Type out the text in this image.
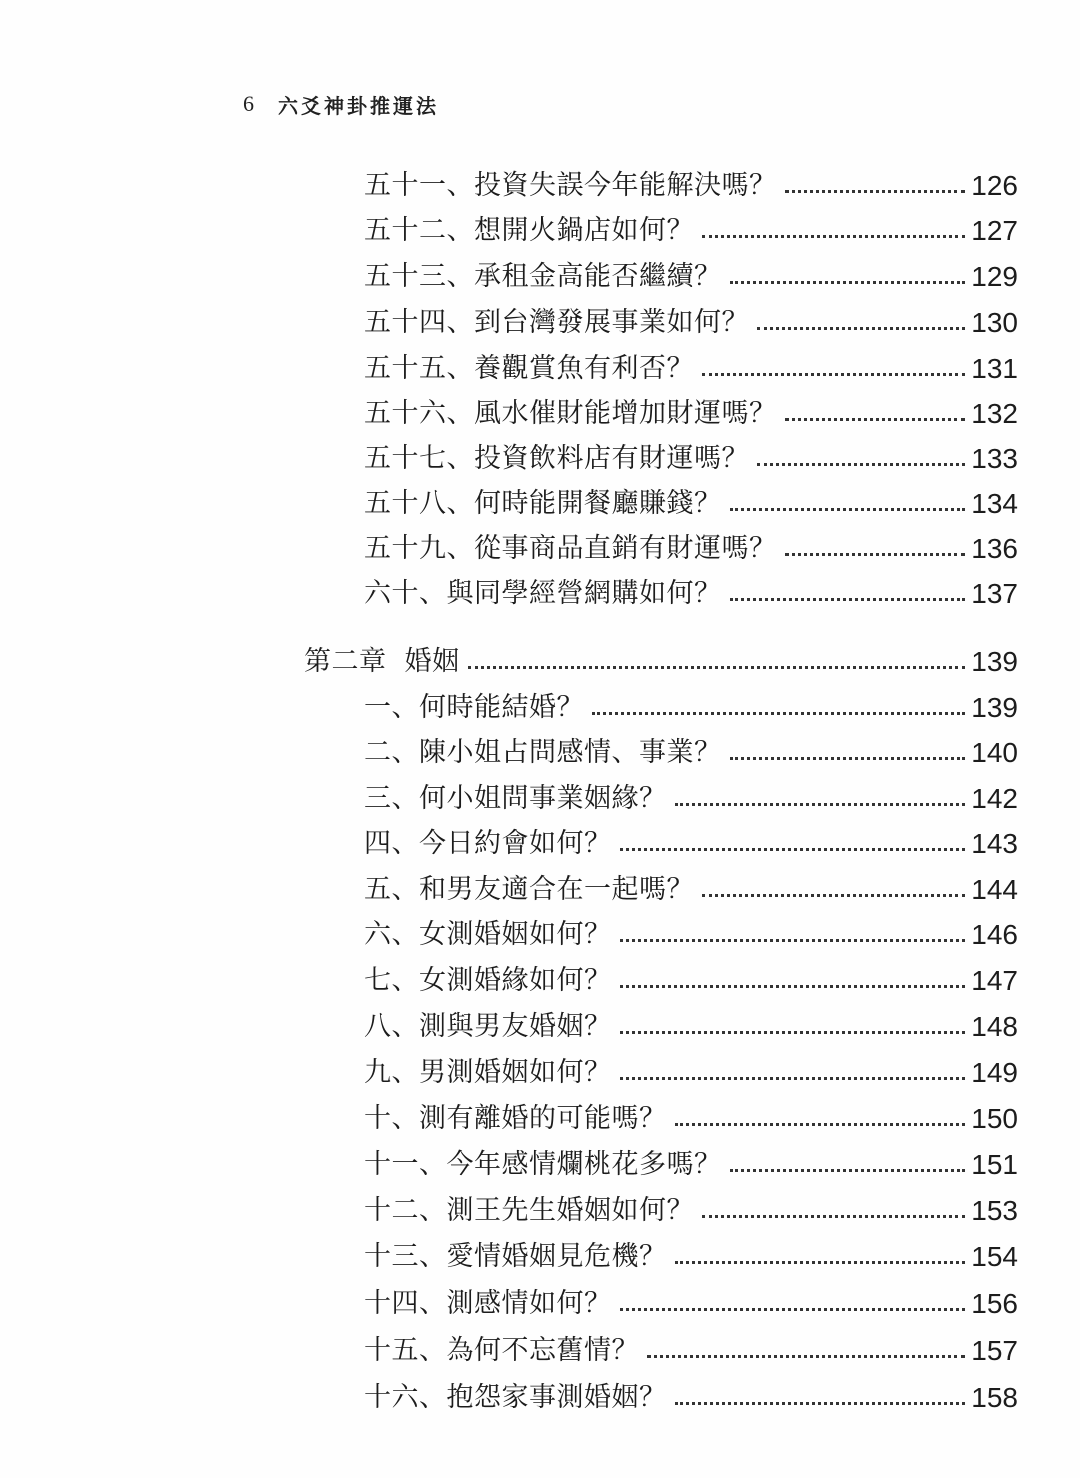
6 六爻神卦推運法
五十一、投資失誤今年能解決嗎？	126
五十二、想開火鍋店如何？	127
五十三、承租金高能否繼續？	129
五十四、到台灣發展事業如何？	130
五十五、養觀賞魚有利否？	131
五十六、風水催財能增加財運嗎？	132
五十七、投資飲料店有財運嗎？	133
五十八、何時能開餐廳賺錢？	134
五十九、從事商品直銷有財運嗎？	136
六十、與同學經營網購如何？	137
第二章  婚姻	139
一、何時能結婚？	139
二、陳小姐占問感情、事業？	140
三、何小姐問事業姻緣？	142
四、今日約會如何？	143
五、和男友適合在一起嗎？	144
六、女測婚姻如何？	146
七、女測婚緣如何？	147
八、測與男友婚姻？	148
九、男測婚姻如何？	149
十、測有離婚的可能嗎？	150
十一、今年感情爛桃花多嗎？	151
十二、測王先生婚姻如何？	153
十三、愛情婚姻見危機？	154
十四、測感情如何？	156
十五、為何不忘舊情？	157
十六、抱怨家事測婚姻？	158
